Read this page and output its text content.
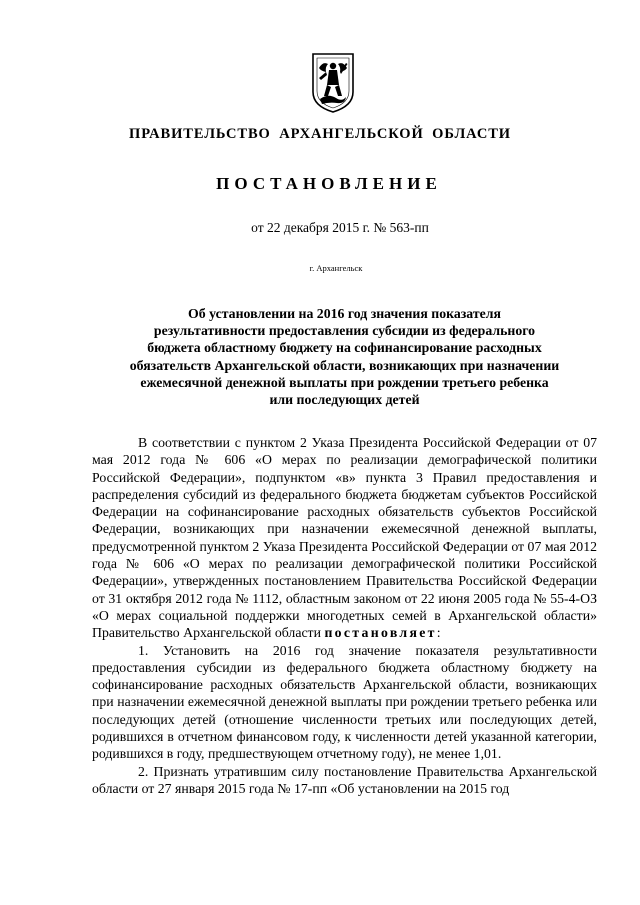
ПРАВИТЕЛЬСТВО АРХАНГЕЛЬСКОЙ ОБЛАСТИ
ПОСТАНОВЛЕНИЕ
от 22 декабря 2015 г. № 563-пп
г. Архангельск
Об установлении на 2016 год значения показателя
результативности предоставления субсидии из федерального
бюджета областному бюджету на софинансирование расходных
обязательств Архангельской области, возникающих при назначении
ежемесячной денежной выплаты при рождении третьего ребенка
или последующих детей

В соответствии с пунктом 2 Указа Президента Российской Федерации от 07 мая 2012 года № 606 «О мерах по реализации демографической политики Российской Федерации», подпунктом «в» пункта 3 Правил предоставления и распределения субсидий из федерального бюджета бюджетам субъектов Российской Федерации на софинансирование расходных обязательств субъектов Российской Федерации, возникающих при назначении ежемесячной денежной выплаты, предусмотренной пунктом 2 Указа Президента Российской Федерации от 07 мая 2012 года № 606 «О мерах по реализации демографической политики Российской Федерации», утвержденных постановлением Правительства Российской Федерации от 31 октября 2012 года № 1112, областным законом от 22 июня 2005 года № 55-4-ОЗ «О мерах социальной поддержки многодетных семей в Архангельской области» Правительство Архангельской области постановляет:

1. Установить на 2016 год значение показателя результативности предоставления субсидии из федерального бюджета областному бюджету на софинансирование расходных обязательств Архангельской области, возникающих при назначении ежемесячной денежной выплаты при рождении третьего ребенка или последующих детей (отношение численности третьих или последующих детей, родившихся в отчетном финансовом году, к численности детей указанной категории, родившихся в году, предшествующем отчетному году), не менее 1,01.

2. Признать утратившим силу постановление Правительства Архангельской области от 27 января 2015 года № 17-пп «Об установлении на 2015 год
